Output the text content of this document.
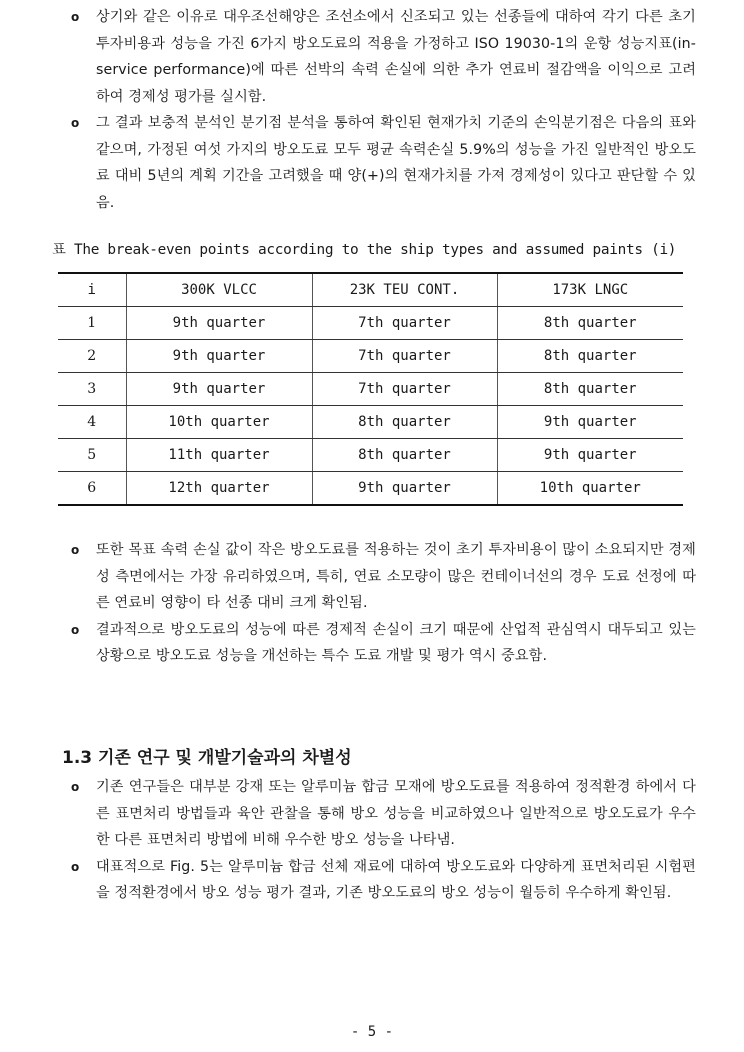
o 상기와 같은 이유로 대우조선해양은 조선소에서 신조되고 있는 선종들에 대하여 각기 다른 초기 투자비용과 성능을 가진 6가지 방오도료의 적용을 가정하고 ISO 19030-1의 운항 성능지표(in-service performance)에 따른 선박의 속력 손실에 의한 추가 연료비 절감액을 이익으로 고려하여 경제성 평가를 실시함.

o 그 결과 보충적 분석인 분기점 분석을 통하여 확인된 현재가치 기준의 손익분기점은 다음의 표와 같으며, 가정된 여섯 가지의 방오도료 모두 평균 속력손실 5.9%의 성능을 가진 일반적인 방오도료 대비 5년의 계획 기간을 고려했을 때 양(+)의 현재가치를 가져 경제성이 있다고 판단할 수 있음.

표 The break-even points according to the ship types and assumed paints (i)
i	300K VLCC	23K TEU CONT.	173K LNGC
1	9th quarter	7th quarter	8th quarter
2	9th quarter	7th quarter	8th quarter
3	9th quarter	7th quarter	8th quarter
4	10th quarter	8th quarter	9th quarter
5	11th quarter	8th quarter	9th quarter
6	12th quarter	9th quarter	10th quarter

o 또한 목표 속력 손실 값이 작은 방오도료를 적용하는 것이 초기 투자비용이 많이 소요되지만 경제성 측면에서는 가장 유리하였으며, 특히, 연료 소모량이 많은 컨테이너선의 경우 도료 선정에 따른 연료비 영향이 타 선종 대비 크게 확인됨.

o 결과적으로 방오도료의 성능에 따른 경제적 손실이 크기 때문에 산업적 관심역시 대두되고 있는 상황으로 방오도료 성능을 개선하는 특수 도료 개발 및 평가 역시 중요함.

1.3 기존 연구 및 개발기술과의 차별성

o 기존 연구들은 대부분 강재 또는 알루미늄 합금 모재에 방오도료를 적용하여 정적환경 하에서 다른 표면처리 방법들과 육안 관찰을 통해 방오 성능을 비교하였으나 일반적으로 방오도료가 우수한 다른 표면처리 방법에 비해 우수한 방오 성능을 나타냄.

o 대표적으로 Fig. 5는 알루미늄 합금 선체 재료에 대하여 방오도료와 다양하게 표면처리된 시험편을 정적환경에서 방오 성능 평가 결과, 기존 방오도료의 방오 성능이 월등히 우수하게 확인됨.

- 5 -
